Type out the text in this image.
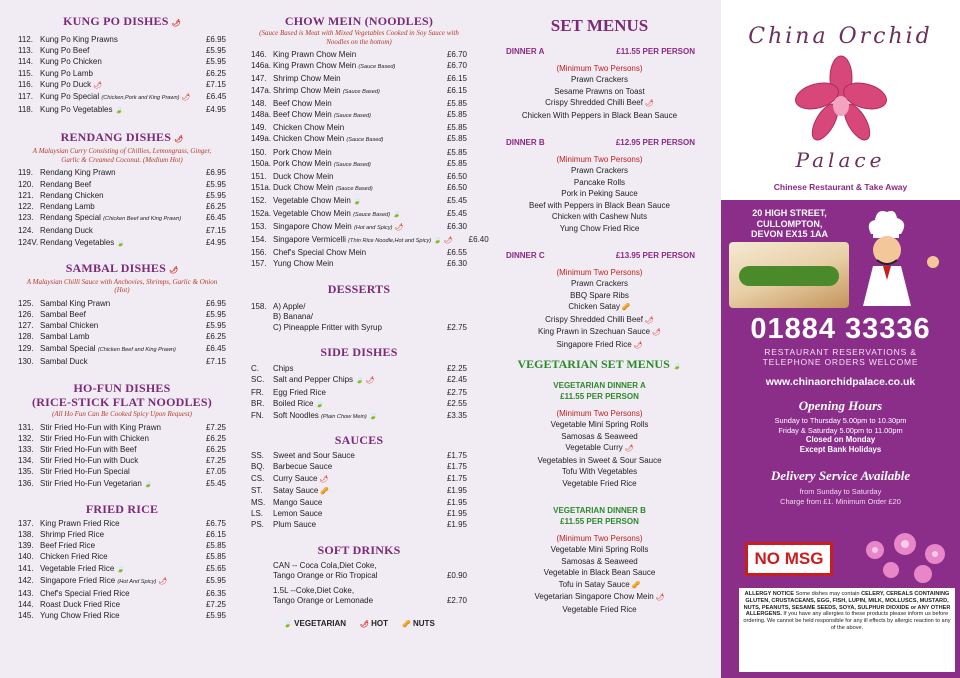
KUNG PO DISHES 🌶
112. Kung Po King Prawns	£6.95
113. Kung Po Beef	£5.95
114. Kung Po Chicken	£5.95
115. Kung Po Lamb	£6.25
116. Kung Po Duck 🌶	£7.15
117. Kung Po Special (Chicken,Pork and King Prawn) 🌶	£6.45
118. Kung Po Vegetables 🍃	£4.95
RENDANG DISHES 🌶
A Malaysian Curry Consisting of Chillies, Lemongrass, Ginger, Garlic & Creamed Coconut. (Medium Hot)
119. Rendang King Prawn	£6.95
120. Rendang Beef	£5.95
121. Rendang Chicken	£5.95
122. Rendang Lamb	£6.25
123. Rendang Special (Chicken Beef and King Prawn)	£6.45
124. Rendang Duck	£7.15
124V. Rendang Vegetables 🍃	£4.95
SAMBAL DISHES 🌶
A Malaysian Chilli Sauce with Anchovies, Shrimps, Garlic & Onion (Hot)
125. Sambal King Prawn	£6.95
126. Sambal Beef	£5.95
127. Sambal Chicken	£5.95
128. Sambal Lamb	£6.25
129. Sambal Special (Chicken Beef and King Prawn)	£6.45
130. Sambal Duck	£7.15
HO-FUN DISHES
(RICE-STICK FLAT NOODLES)
(All Ho Fun Can Be Cooked Spicy Upon Request)
131. Stir Fried Ho-Fun with King Prawn	£7.25
132. Stir Fried Ho-Fun with Chicken	£6.25
133. Stir Fried Ho-Fun with Beef	£6.25
134. Stir Fried Ho-Fun with Duck	£7.25
135. Stir Fried Ho-Fun Special	£7.05
136. Stir Fried Ho-Fun Vegetarian 🍃	£5.45
FRIED RICE
137. King Prawn Fried Rice	£6.75
138. Shrimp Fried Rice	£6.15
139. Beef Fried Rice	£5.85
140. Chicken Fried Rice	£5.85
141. Vegetable Fried Rice 🍃	£5.65
142. Singapore Fried Rice (Hot And Spicy) 🌶	£5.95
143. Chef's Special Fried Rice	£6.35
144. Roast Duck Fried Rice	£7.25
145. Yung Chow Fried Rice	£5.95
CHOW MEIN (NOODLES)
(Sauce Based is Meat with Mixed Vegetables Cooked in Soy Sauce with Noodles on the bottom)
146. King Prawn Chow Mein	£6.70
146a. King Prawn Chow Mein (Sauce Based)	£6.70
147. Shrimp Chow Mein	£6.15
147a. Shrimp Chow Mein (Sauce Based)	£6.15
148. Beef Chow Mein	£5.85
148a. Beef Chow Mein (Sauce Based)	£5.85
149. Chicken Chow Mein	£5.85
149a. Chicken Chow Mein (Sauce Based)	£5.85
150. Pork Chow Mein	£5.85
150a. Pork Chow Mein (Sauce Based)	£5.85
151. Duck Chow Mein	£6.50
151a. Duck Chow Mein (Sauce Based)	£6.50
152. Vegetable Chow Mein 🍃	£5.45
152a. Vegetable Chow Mein (Sauce Based) 🍃	£5.45
153. Singapore Chow Mein (Hot and Spicy) 🌶	£6.30
154. Singapore Vermicelli (Thin Rice Noodle,Hot and Spicy) 🍃 🌶	£6.40
156. Chef's Special Chow Mein	£6.55
157. Yung Chow Mein	£6.30
DESSERTS
158. A) Apple/
B) Banana/
C) Pineapple Fritter with Syrup	£2.75
SIDE DISHES
C.	Chips	£2.25
SC.	Salt and Pepper Chips 🍃 🌶	£2.45
FR.	Egg Fried Rice	£2.75
BR.	Boiled Rice 🍃	£2.55
FN.	Soft Noodles (Plain Chow Mein) 🍃	£3.35
SAUCES
SS.	Sweet and Sour Sauce	£1.75
BQ.	Barbecue Sauce	£1.75
CS.	Curry Sauce 🌶	£1.75
ST.	Satay Sauce 🥜	£1.95
MS. Mango Sauce	£1.95
LS.	Lemon Sauce	£1.95
PS.	Plum Sauce	£1.95
SOFT DRINKS
CAN -- Coca Cola,Diet Coke,
Tango Orange or Rio Tropical	£0.90
1.5L --Coke,Diet Coke,
Tango Orange or Lemonade	£2.70
🍃 VEGETARIAN 🌶 HOT 🥜 NUTS
SET MENUS
DINNER A	£11.55 PER PERSON
(Minimum Two Persons)
Prawn Crackers
Sesame Prawns on Toast
Crispy Shredded Chilli Beef 🌶
Chicken With Peppers in Black Bean Sauce
DINNER B	£12.95 PER PERSON
(Minimum Two Persons)
Prawn Crackers
Pancake Rolls
Pork in Peking Sauce
Beef with Peppers in Black Bean Sauce
Chicken with Cashew Nuts
Yung Chow Fried Rice
DINNER C	£13.95 PER PERSON
(Minimum Two Persons)
Prawn Crackers
BBQ Spare Ribs
Chicken Satay 🥜
Crispy Shredded Chilli Beef 🌶
King Prawn in Szechuan Sauce 🌶
Singapore Fried Rice 🌶
VEGETARIAN SET MENUS 🍃
VEGETARIAN DINNER A
£11.55 PER PERSON
(Minimum Two Persons)
Vegetable Mini Spring Rolls
Samosas & Seaweed
Vegetable Curry 🌶
Vegetables in Sweet & Sour Sauce
Tofu With Vegetables
Vegetable Fried Rice
VEGETARIAN DINNER B
£11.55 PER PERSON
(Minimum Two Persons)
Vegetable Mini Spring Rolls
Samosas & Seaweed
Vegetable in Black Bean Sauce
Tofu in Satay Sauce 🥜
Vegetarian Singapore Chow Mein 🌶
Vegetable Fried Rice
China Orchid
Palace
Chinese Restaurant & Take Away
20 HIGH STREET,
CULLOMPTON,
DEVON EX15 1AA
01884 33336
RESTAURANT RESERVATIONS &
TELEPHONE ORDERS WELCOME
www.chinaorchidpalace.co.uk
Opening Hours
Sunday to Thursday 5.00pm to 10.30pm
Friday & Saturday 5.00pm to 11.00pm
Closed on Monday
Except Bank Holidays
Delivery Service Available
from Sunday to Saturday
Charge from £1. Minimum Order £20
NO MSG
ALLERGY NOTICE Some dishes may contain CELERY, CEREALS CONTAINING GLUTEN, CRUSTACEANS, EGG, FISH, LUPIN, MILK, MOLLUSCS, MUSTARD, NUTS, PEANUTS, SESAME SEEDS, SOYA, SULPHUR DIOXIDE or ANY OTHER ALLERGENS. If you have any allergies to these products please inform us before ordering. We cannot be held responsible for any ill effects by allergic reaction to any of the above.
